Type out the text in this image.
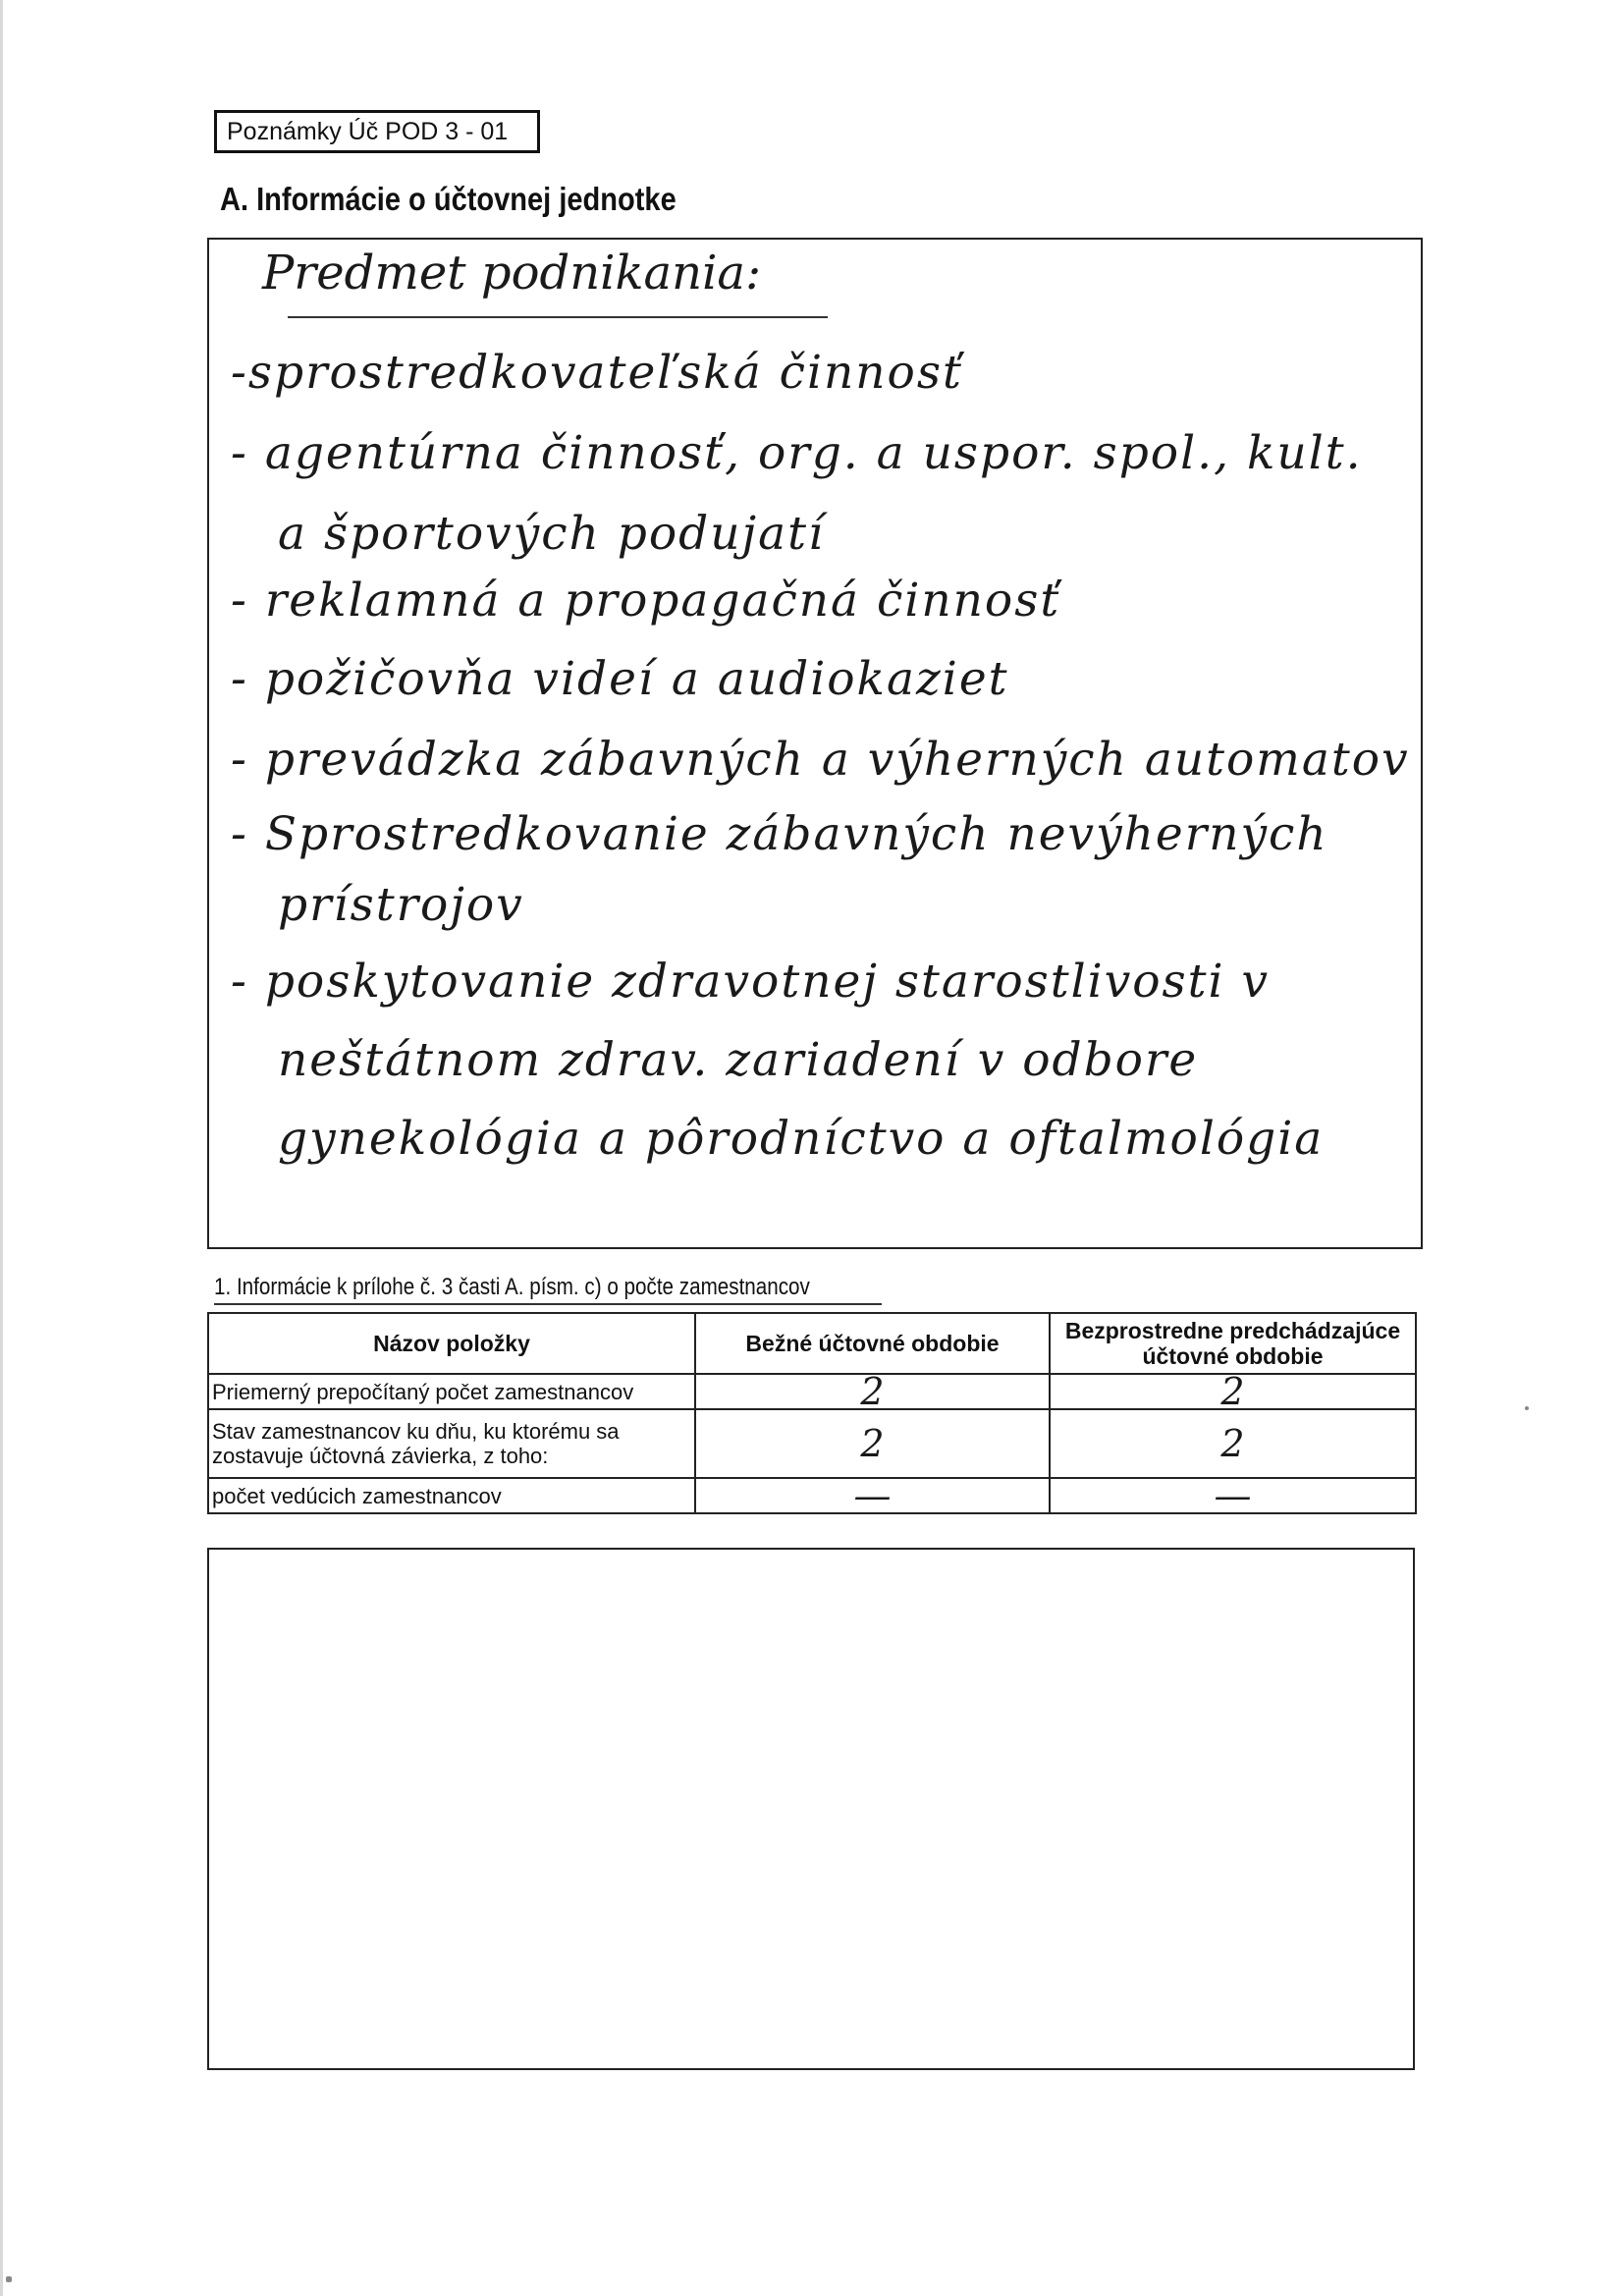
Poznámky Úč POD 3 - 01
A. Informácie o účtovnej jednotke
Predmet podnikania:
-sprostredkovateľská činnosť
- agentúrna činnosť, org. a uspor. spol., kult.
a športových podujatí
- reklamná a propagačná činnosť
- požičovňa videí a audiokaziet
- prevádzka zábavných a výherných automatov
- Sprostredkovanie zábavných nevýherných
prístrojov
- poskytovanie zdravotnej starostlivosti v
neštátnom zdrav. zariadení v odbore
gynekológia a pôrodníctvo a oftalmológia
1. Informácie k prílohe č. 3 časti A. písm. c) o počte zamestnancov
Názov položky	Bežné účtovné obdobie	Bezprostredne predchádzajúce účtovné obdobie
Priemerný prepočítaný počet zamestnancov	2	2
Stav zamestnancov ku dňu, ku ktorému sa zostavuje účtovná závierka, z toho:	2	2
počet vedúcich zamestnancov	—	—
